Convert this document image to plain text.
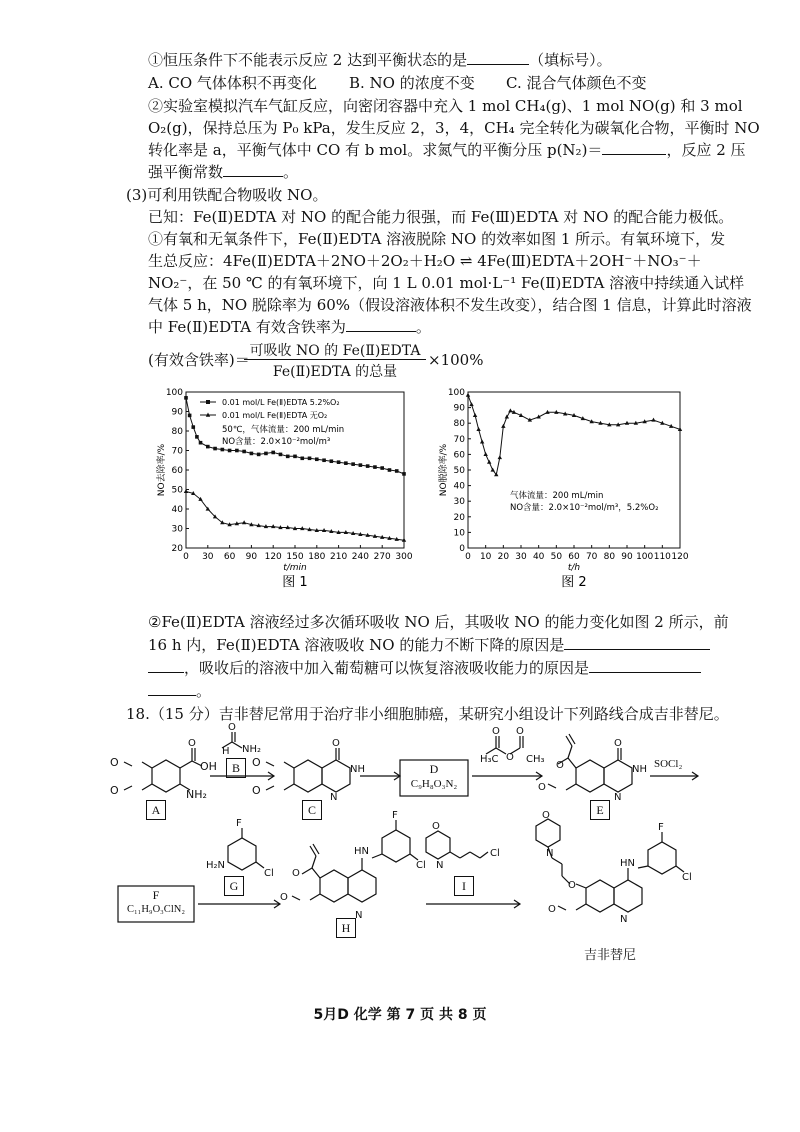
①恒压条件下不能表示反应 2 达到平衡状态的是	（填标号）。
A. CO 气体体积不再变化 B. NO 的浓度不变 C. 混合气体颜色不变
②实验室模拟汽车气缸反应，向密闭容器中充入 1 mol CH₄(g)、1 mol NO(g) 和 3 mol
O₂(g)，保持总压为 P₀ kPa，发生反应 2，3，4，CH₄ 完全转化为碳氧化合物，平衡时 NO
转化率是 a，平衡气体中 CO 有 b mol。求氮气的平衡分压 p(N₂)＝	，反应 2 压
强平衡常数	。
(3)可利用铁配合物吸收 NO。
已知：Fe(Ⅱ)EDTA 对 NO 的配合能力很强，而 Fe(Ⅲ)EDTA 对 NO 的配合能力极低。
①有氧和无氧条件下，Fe(Ⅱ)EDTA 溶液脱除 NO 的效率如图 1 所示。有氧环境下，发
生总反应：4Fe(Ⅱ)EDTA＋2NO＋2O₂＋H₂O ⇌ 4Fe(Ⅲ)EDTA＋2OH⁻＋NO₃⁻＋
NO₂⁻，在 50 ℃ 的有氧环境下，向 1 L 0.01 mol·L⁻¹ Fe(Ⅱ)EDTA 溶液中持续通入试样
气体 5 h，NO 脱除率为 60%（假设溶液体积不发生改变），结合图 1 信息，计算此时溶液
中 Fe(Ⅱ)EDTA 有效含铁率为	。
(有效含铁率)＝ 可吸收 NO 的 Fe(Ⅱ)EDTA
Fe(Ⅱ)EDTA 的总量
×100%
0 30 60 90 120 150 180 210 240 270 300
20
30
40
50
60
70
80
90
100
t/min
NO去除率/%
图 1
0.01 mol/L Fe(Ⅱ)EDTA 5.2%O₂
0.01 mol/L Fe(Ⅱ)EDTA 无O₂
50℃，气体流量：200 mL/min
NO含量：2.0×10⁻²mol/m³
0 10 20 30 40 50 60 70 80 90 100 110 120
0
10
20
30
40
50
60
70
80
90
100
t/h
NO脱除率/%
图 2
气体流量：200 mL/min
NO含量：2.0×10⁻²mol/m³，5.2%O₂
②Fe(Ⅱ)EDTA 溶液经过多次循环吸收 NO 后，其吸收 NO 的能力变化如图 2 所示，前
16 h 内，Fe(Ⅱ)EDTA 溶液吸收 NO 的能力不断下降的原因是
，吸收后的溶液中加入葡萄糖可以恢复溶液吸收能力的原因是
。
18.（15 分）吉非替尼常用于治疗非小细胞肺癌，某研究小组设计下列路线合成吉非替尼。
O
O
O
OH
NH₂
H
O
NH₂
O
O
O
NH
N
H₃C O CH₃
O O
O
O
O
NH
N
F
H₂N
Cl
HN
F
Cl
O
O
N
O
N
Cl
O
N
O
O
HN
F
Cl
N
A
B
C
D
C₉H₈O₃N₂
E
SOCl₂
F
C₁₁H₉O₃ClN₂
G
H
I
吉非替尼
5月D 化学 第 7 页 共 8 页
